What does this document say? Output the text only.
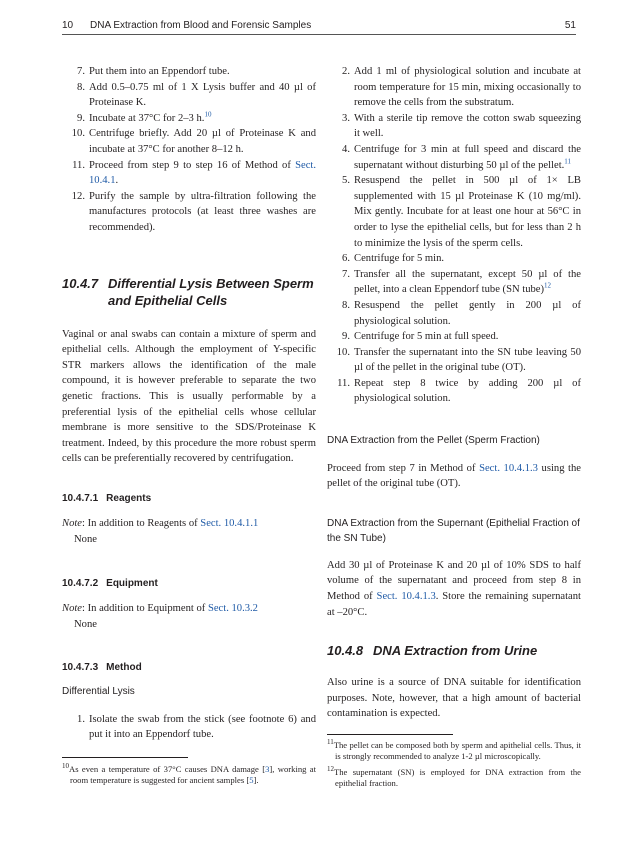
10 DNA Extraction from Blood and Forensic Samples	51
7. Put them into an Eppendorf tube.
8. Add 0.5–0.75 ml of 1 X Lysis buffer and 40 µl of Proteinase K.
9. Incubate at 37°C for 2–3 h.$^{10}$
10. Centrifuge briefly. Add 20 µl of Proteinase K and incubate at 37°C for another 8–12 h.
11. Proceed from step 9 to step 16 of Method of Sect. 10.4.1.
12. Purify the sample by ultra-filtration following the manufactures protocols (at least three washes are recommended).
10.4.7 Differential Lysis Between Sperm and Epithelial Cells

Vaginal or anal swabs can contain a mixture of sperm and epithelial cells. Although the employment of Y-specific STR markers allows the identification of the male compound, it is however preferable to separate the two genetic fractions. This is usually performable by a preferential lysis of the epithelial cells whose cellular membrane is more sensitive to the SDS/Proteinase K treatment. Indeed, by this procedure the more robust sperm cells can be preferentially recovered by centrifugation.

10.4.7.1 Reagents

Note: In addition to Reagents of Sect. 10.4.1.1

None

10.4.7.2 Equipment

Note: In addition to Equipment of Sect. 10.3.2

None

10.4.7.3 Method

Differential Lysis

1. Isolate the swab from the stick (see footnote 6) and put it into an Eppendorf tube.

$^{10}$As even a temperature of 37°C causes DNA damage [3], working at room temperature is suggested for ancient samples [5].

2. Add 1 ml of physiological solution and incubate at room temperature for 15 min, mixing occasionally to remove the cells from the substratum.
3. With a sterile tip remove the cotton swab squeezing it well.
4. Centrifuge for 3 min at full speed and discard the supernatant without disturbing 50 µl of the pellet.$^{11}$
5. Resuspend the pellet in 500 µl of 1× LB supplemented with 15 µl Proteinase K (10 mg/ml). Mix gently. Incubate for at least one hour at 56°C in order to lyse the epithelial cells, but for less than 2 h to minimize the lysis of the sperm cells.
6. Centrifuge for 5 min.
7. Transfer all the supernatant, except 50 µl of the pellet, into a clean Eppendorf tube (SN tube)$^{12}$
8. Resuspend the pellet gently in 200 µl of physiological solution.
9. Centrifuge for 5 min at full speed.
10. Transfer the supernatant into the SN tube leaving 50 µl of the pellet in the original tube (OT).
11. Repeat step 8 twice by adding 200 µl of physiological solution.

DNA Extraction from the Pellet (Sperm Fraction)

Proceed from step 7 in Method of Sect. 10.4.1.3 using the pellet of the original tube (OT).

DNA Extraction from the Supernant (Epithelial Fraction of the SN Tube)

Add 30 µl of Proteinase K and 20 µl of 10% SDS to half volume of the supernatant and proceed from step 8 in Method of Sect. 10.4.1.3. Store the remaining supernatant at –20°C.

10.4.8 DNA Extraction from Urine

Also urine is a source of DNA suitable for identification purposes. Note, however, that a high amount of bacterial contamination is expected.

$^{11}$The pellet can be composed both by sperm and apithelial cells. Thus, it is strongly recommended to analyze 1-2 µl microscopically.

$^{12}$The supernatant (SN) is employed for DNA extraction from the epithelial fraction.
